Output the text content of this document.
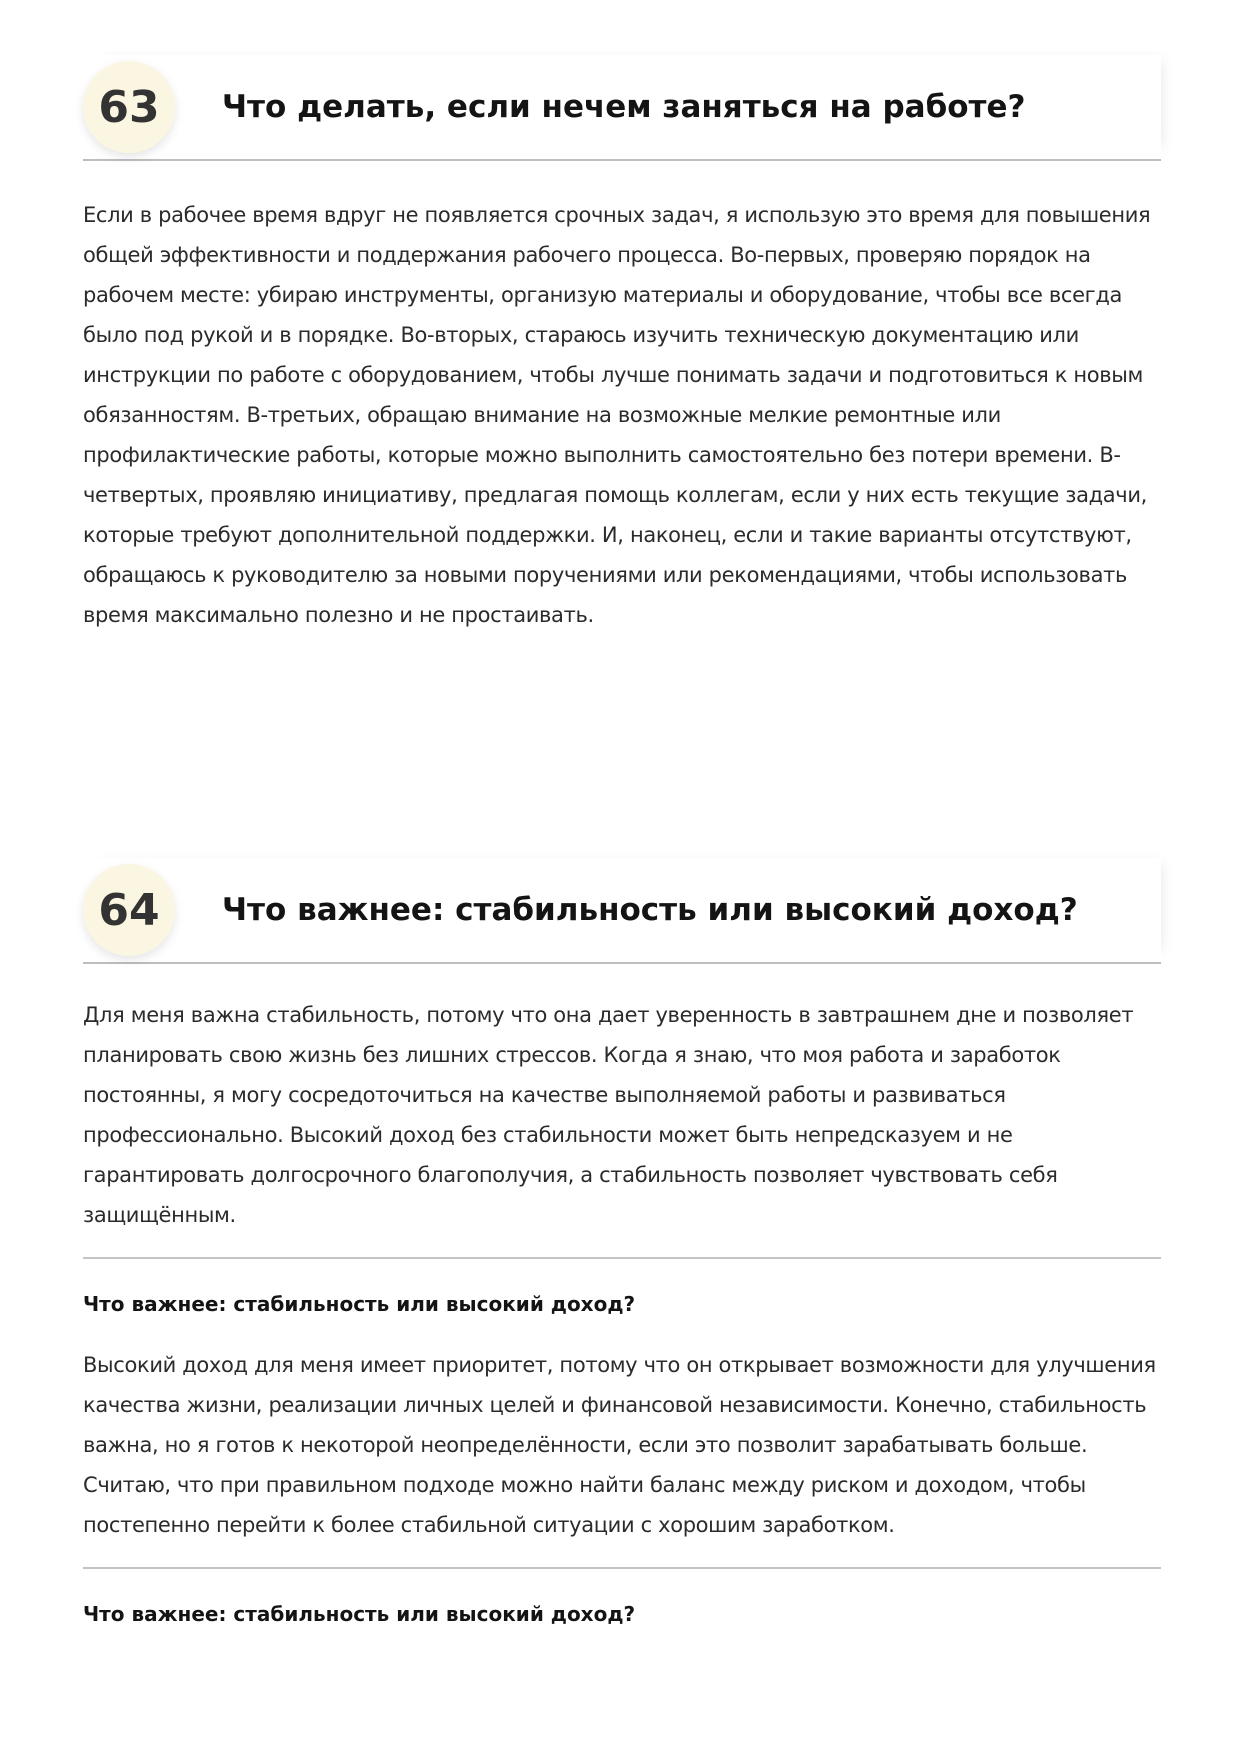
63	Что делать, если нечем заняться на работе?

Если в рабочее время вдруг не появляется срочных задач, я использую это время для повышения общей эффективности и поддержания рабочего процесса. Во-первых, проверяю порядок на рабочем месте: убираю инструменты, организую материалы и оборудование, чтобы все всегда было под рукой и в порядке. Во-вторых, стараюсь изучить техническую документацию или инструкции по работе с оборудованием, чтобы лучше понимать задачи и подготовиться к новым обязанностям. В-третьих, обращаю внимание на возможные мелкие ремонтные или профилактические работы, которые можно выполнить самостоятельно без потери времени. В-четвертых, проявляю инициативу, предлагая помощь коллегам, если у них есть текущие задачи, которые требуют дополнительной поддержки. И, наконец, если и такие варианты отсутствуют, обращаюсь к руководителю за новыми поручениями или рекомендациями, чтобы использовать время максимально полезно и не простаивать.

64	Что важнее: стабильность или высокий доход?

Для меня важна стабильность, потому что она дает уверенность в завтрашнем дне и позволяет планировать свою жизнь без лишних стрессов. Когда я знаю, что моя работа и заработок постоянны, я могу сосредоточиться на качестве выполняемой работы и развиваться профессионально. Высокий доход без стабильности может быть непредсказуем и не гарантировать долгосрочного благополучия, а стабильность позволяет чувствовать себя защищённым.

Что важнее: стабильность или высокий доход?

Высокий доход для меня имеет приоритет, потому что он открывает возможности для улучшения качества жизни, реализации личных целей и финансовой независимости. Конечно, стабильность важна, но я готов к некоторой неопределённости, если это позволит зарабатывать больше. Считаю, что при правильном подходе можно найти баланс между риском и доходом, чтобы постепенно перейти к более стабильной ситуации с хорошим заработком.

Что важнее: стабильность или высокий доход?
